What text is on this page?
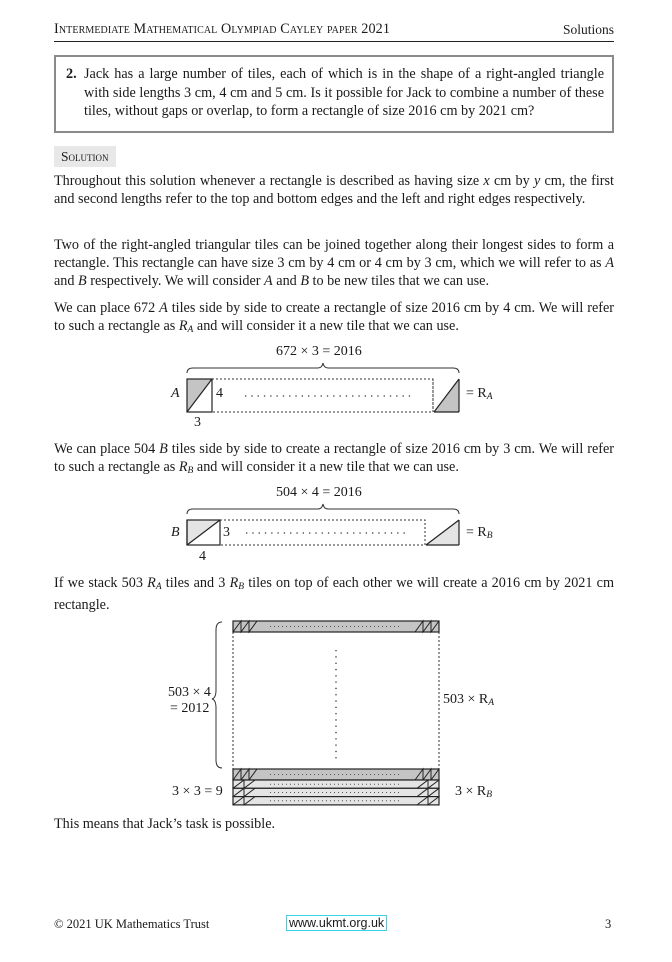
Intermediate Mathematical Olympiad Cayley paper 2021	Solutions
2. Jack has a large number of tiles, each of which is in the shape of a right-angled triangle with side lengths 3 cm, 4 cm and 5 cm. Is it possible for Jack to combine a number of these tiles, without gaps or overlap, to form a rectangle of size 2016 cm by 2021 cm?
Solution
Throughout this solution whenever a rectangle is described as having size x cm by y cm, the first and second lengths refer to the top and bottom edges and the left and right edges respectively.
Two of the right-angled triangular tiles can be joined together along their longest sides to form a rectangle. This rectangle can have size 3 cm by 4 cm or 4 cm by 3 cm, which we will refer to as A and B respectively. We will consider A and B to be new tiles that we can use.
We can place 672 A tiles side by side to create a rectangle of size 2016 cm by 4 cm. We will refer to such a rectangle as $R_A$ and will consider it a new tile that we can use.
672 × 3 = 2016
A	4
3
= $R_A$
We can place 504 B tiles side by side to create a rectangle of size 2016 cm by 3 cm. We will refer to such a rectangle as $R_B$ and will consider it a new tile that we can use.
504 × 4 = 2016
B	3
4
= $R_B$
If we stack 503 $R_A$ tiles and 3 $R_B$ tiles on top of each other we will create a 2016 cm by 2021 cm rectangle.
503 × 4
= 2012
$503 \times R_A$
3 × 3 = 9	$3 \times R_B$
This means that Jack’s task is possible.
© 2021 UK Mathematics Trust	www.ukmt.org.uk	3
